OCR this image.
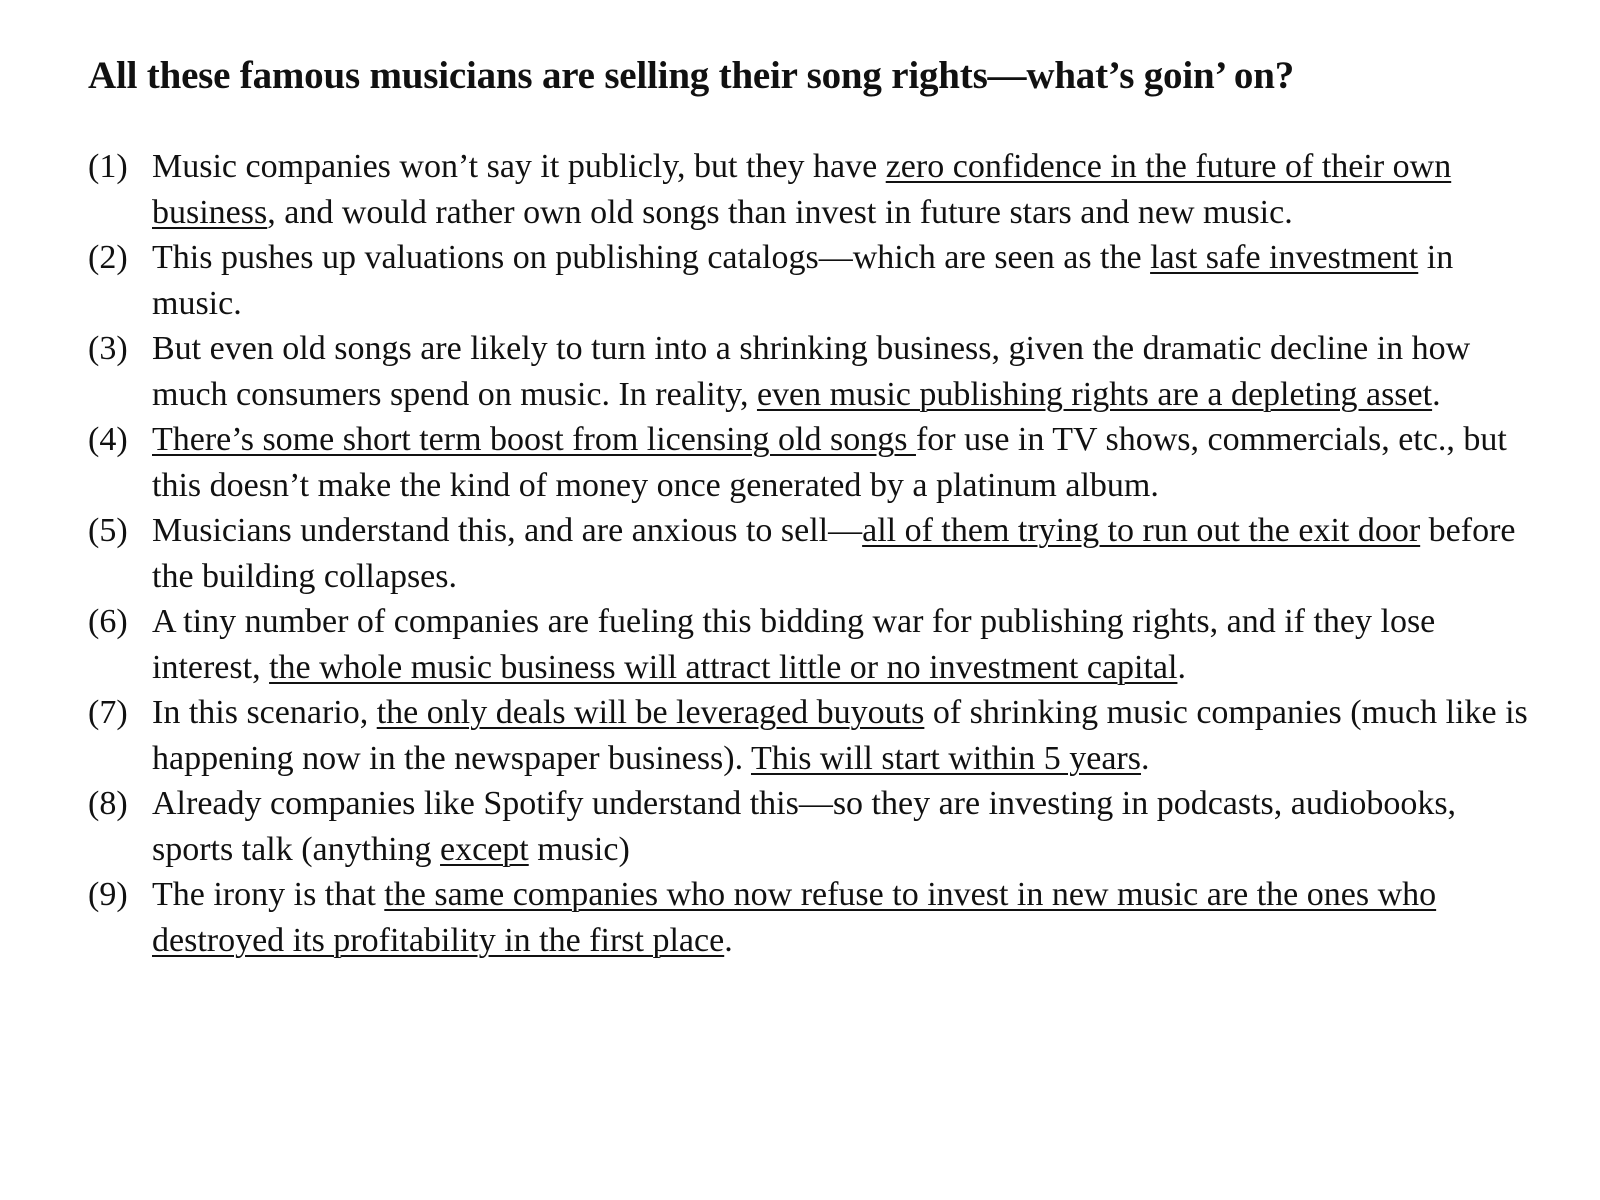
All these famous musicians are selling their song rights—what’s goin’ on?
(1) Music companies won’t say it publicly, but they have zero confidence in the future of their own business, and would rather own old songs than invest in future stars and new music.
(2) This pushes up valuations on publishing catalogs—which are seen as the last safe investment in music.
(3) But even old songs are likely to turn into a shrinking business, given the dramatic decline in how much consumers spend on music. In reality, even music publishing rights are a depleting asset.
(4) There’s some short term boost from licensing old songs for use in TV shows, commercials, etc., but this doesn’t make the kind of money once generated by a platinum album.
(5) Musicians understand this, and are anxious to sell—all of them trying to run out the exit door before the building collapses.
(6) A tiny number of companies are fueling this bidding war for publishing rights, and if they lose interest, the whole music business will attract little or no investment capital.
(7) In this scenario, the only deals will be leveraged buyouts of shrinking music companies (much like is happening now in the newspaper business). This will start within 5 years.
(8) Already companies like Spotify understand this—so they are investing in podcasts, audiobooks, sports talk (anything except music)
(9) The irony is that the same companies who now refuse to invest in new music are the ones who destroyed its profitability in the first place.
